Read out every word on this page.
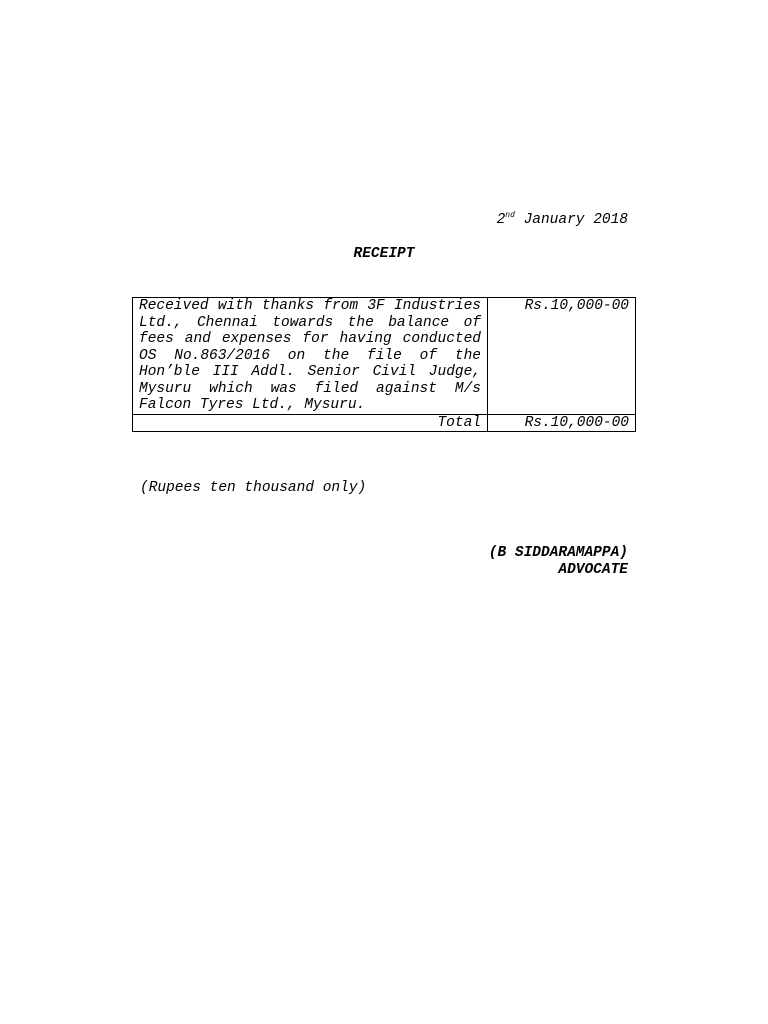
2nd January 2018
RECEIPT
Received with thanks from 3F Industries Ltd., Chennai towards the balance of fees and expenses for having conducted OS No.863/2016 on the file of the Hon’ble III Addl. Senior Civil Judge, Mysuru which was filed against M/s Falcon Tyres Ltd., Mysuru.	Rs.10,000-00
Total	Rs.10,000-00
(Rupees ten thousand only)
(B SIDDARAMAPPA)
ADVOCATE
